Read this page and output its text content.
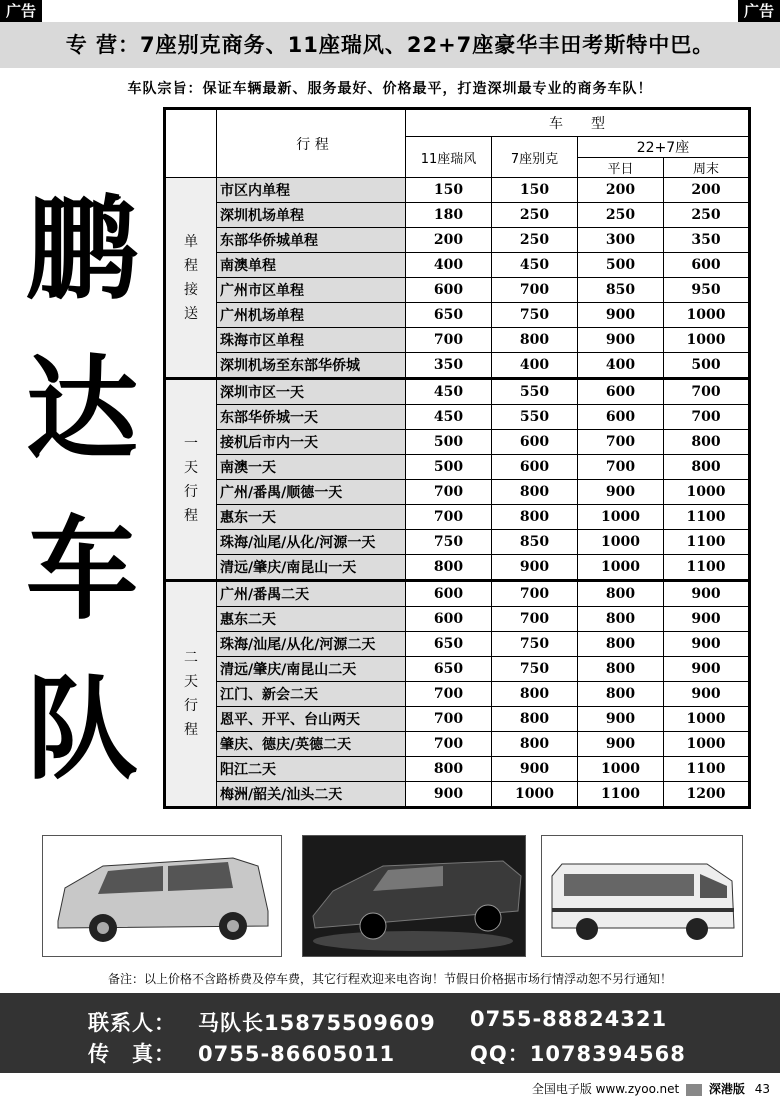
广告	广告
专 营：7座别克商务、11座瑞风、22+7座豪华丰田考斯特中巴。
车队宗旨：保证车辆最新、服务最好、价格最平，打造深圳最专业的商务车队！
鹏
达
车
队
	行 程	车　　型			
		11座瑞风	7座别克	22+7座	
				平日	周末

单
程
接
送	市区内单程	150	150	200	200
	深圳机场单程	180	250	250	250
	东部华侨城单程	200	250	300	350
	南澳单程	400	450	500	600
	广州市区单程	600	700	850	950
	广州机场单程	650	750	900	1000
	珠海市区单程	700	800	900	1000
	深圳机场至东部华侨城	350	400	400	500

一
天
行
程	深圳市区一天	450	550	600	700
	东部华侨城一天	450	550	600	700
	接机后市内一天	500	600	700	800
	南澳一天	500	600	700	800
	广州/番禺/顺德一天	700	800	900	1000
	惠东一天	700	800	1000	1100
	珠海/汕尾/从化/河源一天	750	850	1000	1100
	清远/肇庆/南昆山一天	800	900	1000	1100

二
天
行
程	广州/番禺二天	600	700	800	900
	惠东二天	600	700	800	900
	珠海/汕尾/从化/河源二天	650	750	800	900
	清远/肇庆/南昆山二天	650	750	800	900
	江门、新会二天	700	800	800	900
	恩平、开平、台山两天	700	800	900	1000
	肇庆、德庆/英德二天	700	800	900	1000
	阳江二天	800	900	1000	1100
	梅洲/韶关/汕头二天	900	1000	1100	1200
备注：以上价格不含路桥费及停车费，其它行程欢迎来电咨询！节假日价格据市场行情浮动恕不另行通知！
联系人： 马队长15875509609 0755-88824321
传　真： 0755-86605011	QQ：1078394568
全国电子版 www.zyoo.net 深港版 43
